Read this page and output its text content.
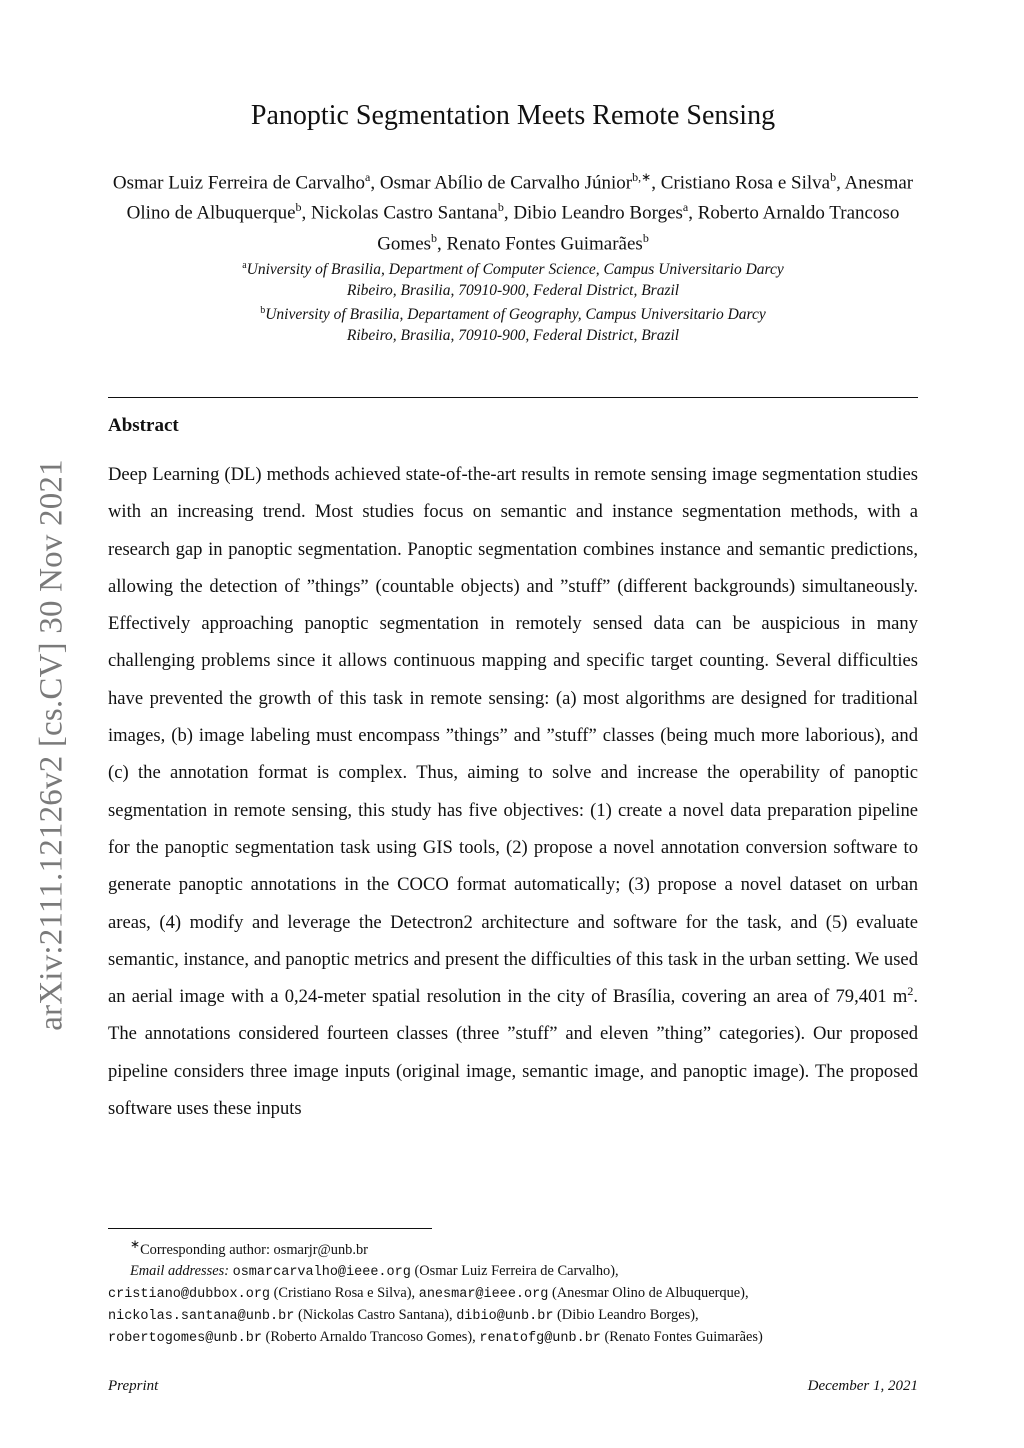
arXiv:2111.12126v2 [cs.CV] 30 Nov 2021
Panoptic Segmentation Meets Remote Sensing
Osmar Luiz Ferreira de Carvalho$^a$, Osmar Abílio de Carvalho Júnior$^{b,∗}$, Cristiano Rosa e Silva$^b$, Anesmar Olino de Albuquerque$^b$, Nickolas Castro Santana$^b$, Dibio Leandro Borges$^a$, Roberto Arnaldo Trancoso Gomes$^b$, Renato Fontes Guimarães$^b$
$^a$University of Brasilia, Department of Computer Science, Campus Universitario Darcy
Ribeiro, Brasilia, 70910-900, Federal District, Brazil
$^b$University of Brasilia, Departament of Geography, Campus Universitario Darcy
Ribeiro, Brasilia, 70910-900, Federal District, Brazil
Abstract
Deep Learning (DL) methods achieved state-of-the-art results in remote sensing image segmentation studies with an increasing trend. Most studies focus on semantic and instance segmentation methods, with a research gap in panoptic segmentation. Panoptic segmentation combines instance and semantic predictions, allowing the detection of ”things” (countable objects) and ”stuff” (different backgrounds) simultaneously. Effectively approaching panoptic segmentation in remotely sensed data can be auspicious in many challenging problems since it allows continuous mapping and specific target counting. Several difficulties have prevented the growth of this task in remote sensing: (a) most algorithms are designed for traditional images, (b) image labeling must encompass ”things” and ”stuff” classes (being much more laborious), and (c) the annotation format is complex. Thus, aiming to solve and increase the operability of panoptic segmentation in remote sensing, this study has five objectives: (1) create a novel data preparation pipeline for the panoptic segmentation task using GIS tools, (2) propose a novel annotation conversion software to generate panoptic annotations in the COCO format automatically; (3) propose a novel dataset on urban areas, (4) modify and leverage the Detectron2 architecture and software for the task, and (5) evaluate semantic, instance, and panoptic metrics and present the difficulties of this task in the urban setting. We used an aerial image with a 0,24-meter spatial resolution in the city of Brasília, covering an area of 79,401 $m^2$. The annotations considered fourteen classes (three ”stuff” and eleven ”thing” categories). Our proposed pipeline considers three image inputs (original image, semantic image, and panoptic image). The proposed software uses these inputs
∗Corresponding author: osmarjr@unb.br
Email addresses: osmarcarvalho@ieee.org (Osmar Luiz Ferreira de Carvalho),
cristiano@dubbox.org (Cristiano Rosa e Silva), anesmar@ieee.org (Anesmar Olino de Albuquerque),
nickolas.santana@unb.br (Nickolas Castro Santana), dibio@unb.br (Dibio Leandro Borges),
robertogomes@unb.br (Roberto Arnaldo Trancoso Gomes), renatofg@unb.br (Renato Fontes Guimarães)
Preprint	December 1, 2021
